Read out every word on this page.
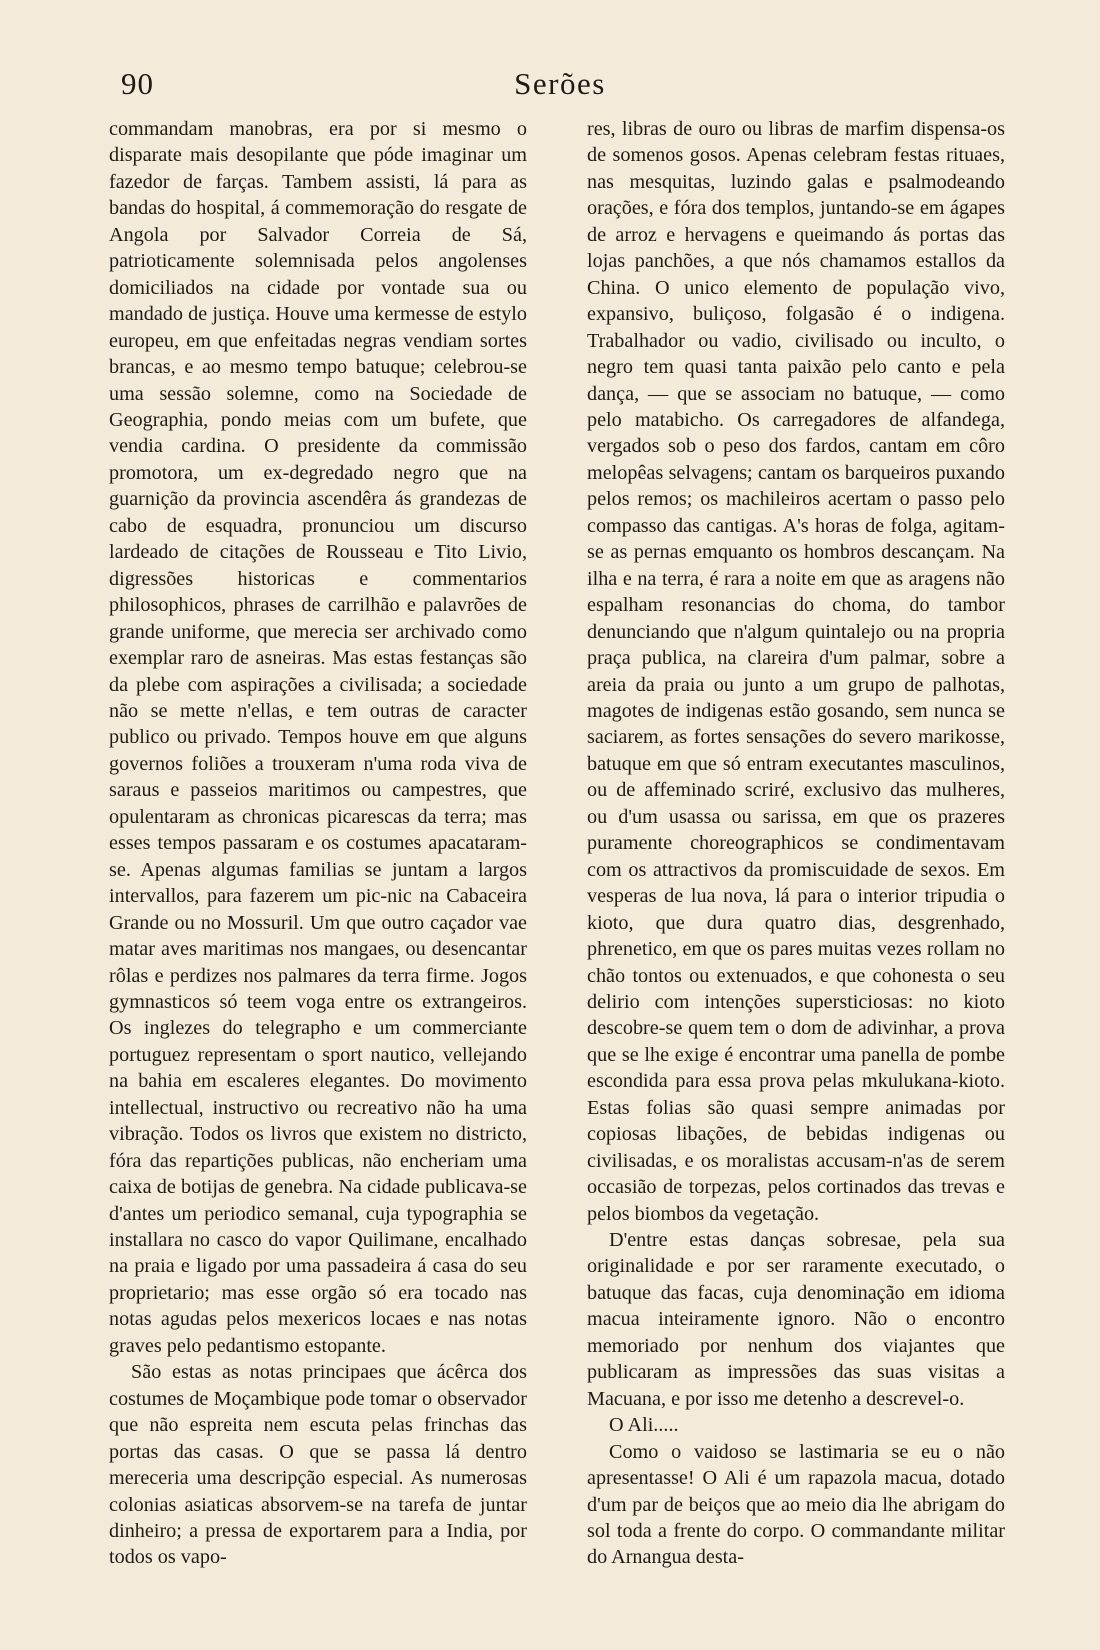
90	Serões

commandam manobras, era por si mesmo o disparate mais desopilante que póde imaginar um fazedor de farças. Tambem assisti, lá para as bandas do hospital, á commemoração do resgate de Angola por Salvador Correia de Sá, patrioticamente solemnisada pelos angolenses domiciliados na cidade por vontade sua ou mandado de justiça. Houve uma kermesse de estylo europeu, em que enfeitadas negras vendiam sortes brancas, e ao mesmo tempo batuque; celebrou-se uma sessão solemne, como na Sociedade de Geographia, pondo meias com um bufete, que vendia cardina. O presidente da commissão promotora, um ex-degredado negro que na guarnição da provincia ascendêra ás grandezas de cabo de esquadra, pronunciou um discurso lardeado de citações de Rousseau e Tito Livio, digressões historicas e commentarios philosophicos, phrases de carrilhão e palavrões de grande uniforme, que merecia ser archivado como exemplar raro de asneiras. Mas estas festanças são da plebe com aspirações a civilisada; a sociedade não se mette n'ellas, e tem outras de caracter publico ou privado. Tempos houve em que alguns governos foliões a trouxeram n'uma roda viva de saraus e passeios maritimos ou campestres, que opulentaram as chronicas picarescas da terra; mas esses tempos passaram e os costumes apacataram-se. Apenas algumas familias se juntam a largos intervallos, para fazerem um pic-nic na Cabaceira Grande ou no Mossuril. Um que outro caçador vae matar aves maritimas nos mangaes, ou desencantar rôlas e perdizes nos palmares da terra firme. Jogos gymnasticos só teem voga entre os extrangeiros. Os inglezes do telegrapho e um commerciante portuguez representam o sport nautico, vellejando na bahia em escaleres elegantes. Do movimento intellectual, instructivo ou recreativo não ha uma vibração. Todos os livros que existem no districto, fóra das repartições publicas, não encheriam uma caixa de botijas de genebra. Na cidade publicava-se d'antes um periodico semanal, cuja typographia se installara no casco do vapor Quilimane, encalhado na praia e ligado por uma passadeira á casa do seu proprietario; mas esse orgão só era tocado nas notas agudas pelos mexericos locaes e nas notas graves pelo pedantismo estopante.

São estas as notas principaes que ácêrca dos costumes de Moçambique pode tomar o observador que não espreita nem escuta pelas frinchas das portas das casas. O que se passa lá dentro mereceria uma descripção especial. As numerosas colonias asiaticas absorvem-se na tarefa de juntar dinheiro; a pressa de exportarem para a India, por todos os vapo-

res, libras de ouro ou libras de marfim dispensa-os de somenos gosos. Apenas celebram festas rituaes, nas mesquitas, luzindo galas e psalmodeando orações, e fóra dos templos, juntando-se em ágapes de arroz e hervagens e queimando ás portas das lojas panchões, a que nós chamamos estallos da China. O unico elemento de população vivo, expansivo, buliçoso, folgasão é o indigena. Trabalhador ou vadio, civilisado ou inculto, o negro tem quasi tanta paixão pelo canto e pela dança, — que se associam no batuque, — como pelo matabicho. Os carregadores de alfandega, vergados sob o peso dos fardos, cantam em côro melopêas selvagens; cantam os barqueiros puxando pelos remos; os machileiros acertam o passo pelo compasso das cantigas. A's horas de folga, agitam-se as pernas emquanto os hombros descançam. Na ilha e na terra, é rara a noite em que as aragens não espalham resonancias do choma, do tambor denunciando que n'algum quintalejo ou na propria praça publica, na clareira d'um palmar, sobre a areia da praia ou junto a um grupo de palhotas, magotes de indigenas estão gosando, sem nunca se saciarem, as fortes sensações do severo marikosse, batuque em que só entram executantes masculinos, ou de affeminado scriré, exclusivo das mulheres, ou d'um usassa ou sarissa, em que os prazeres puramente choreographicos se condimentavam com os attractivos da promiscuidade de sexos. Em vesperas de lua nova, lá para o interior tripudia o kioto, que dura quatro dias, desgrenhado, phrenetico, em que os pares muitas vezes rollam no chão tontos ou extenuados, e que cohonesta o seu delirio com intenções supersticiosas: no kioto descobre-se quem tem o dom de adivinhar, a prova que se lhe exige é encontrar uma panella de pombe escondida para essa prova pelas mkulukana-kioto. Estas folias são quasi sempre animadas por copiosas libações, de bebidas indigenas ou civilisadas, e os moralistas accusam-n'as de serem occasião de torpezas, pelos cortinados das trevas e pelos biombos da vegetação.

D'entre estas danças sobresae, pela sua originalidade e por ser raramente executado, o batuque das facas, cuja denominação em idioma macua inteiramente ignoro. Não o encontro memoriado por nenhum dos viajantes que publicaram as impressões das suas visitas a Macuana, e por isso me detenho a descrevel-o.

O Ali.....

Como o vaidoso se lastimaria se eu o não apresentasse! O Ali é um rapazola macua, dotado d'um par de beiços que ao meio dia lhe abrigam do sol toda a frente do corpo. O commandante militar do Arnangua desta-
